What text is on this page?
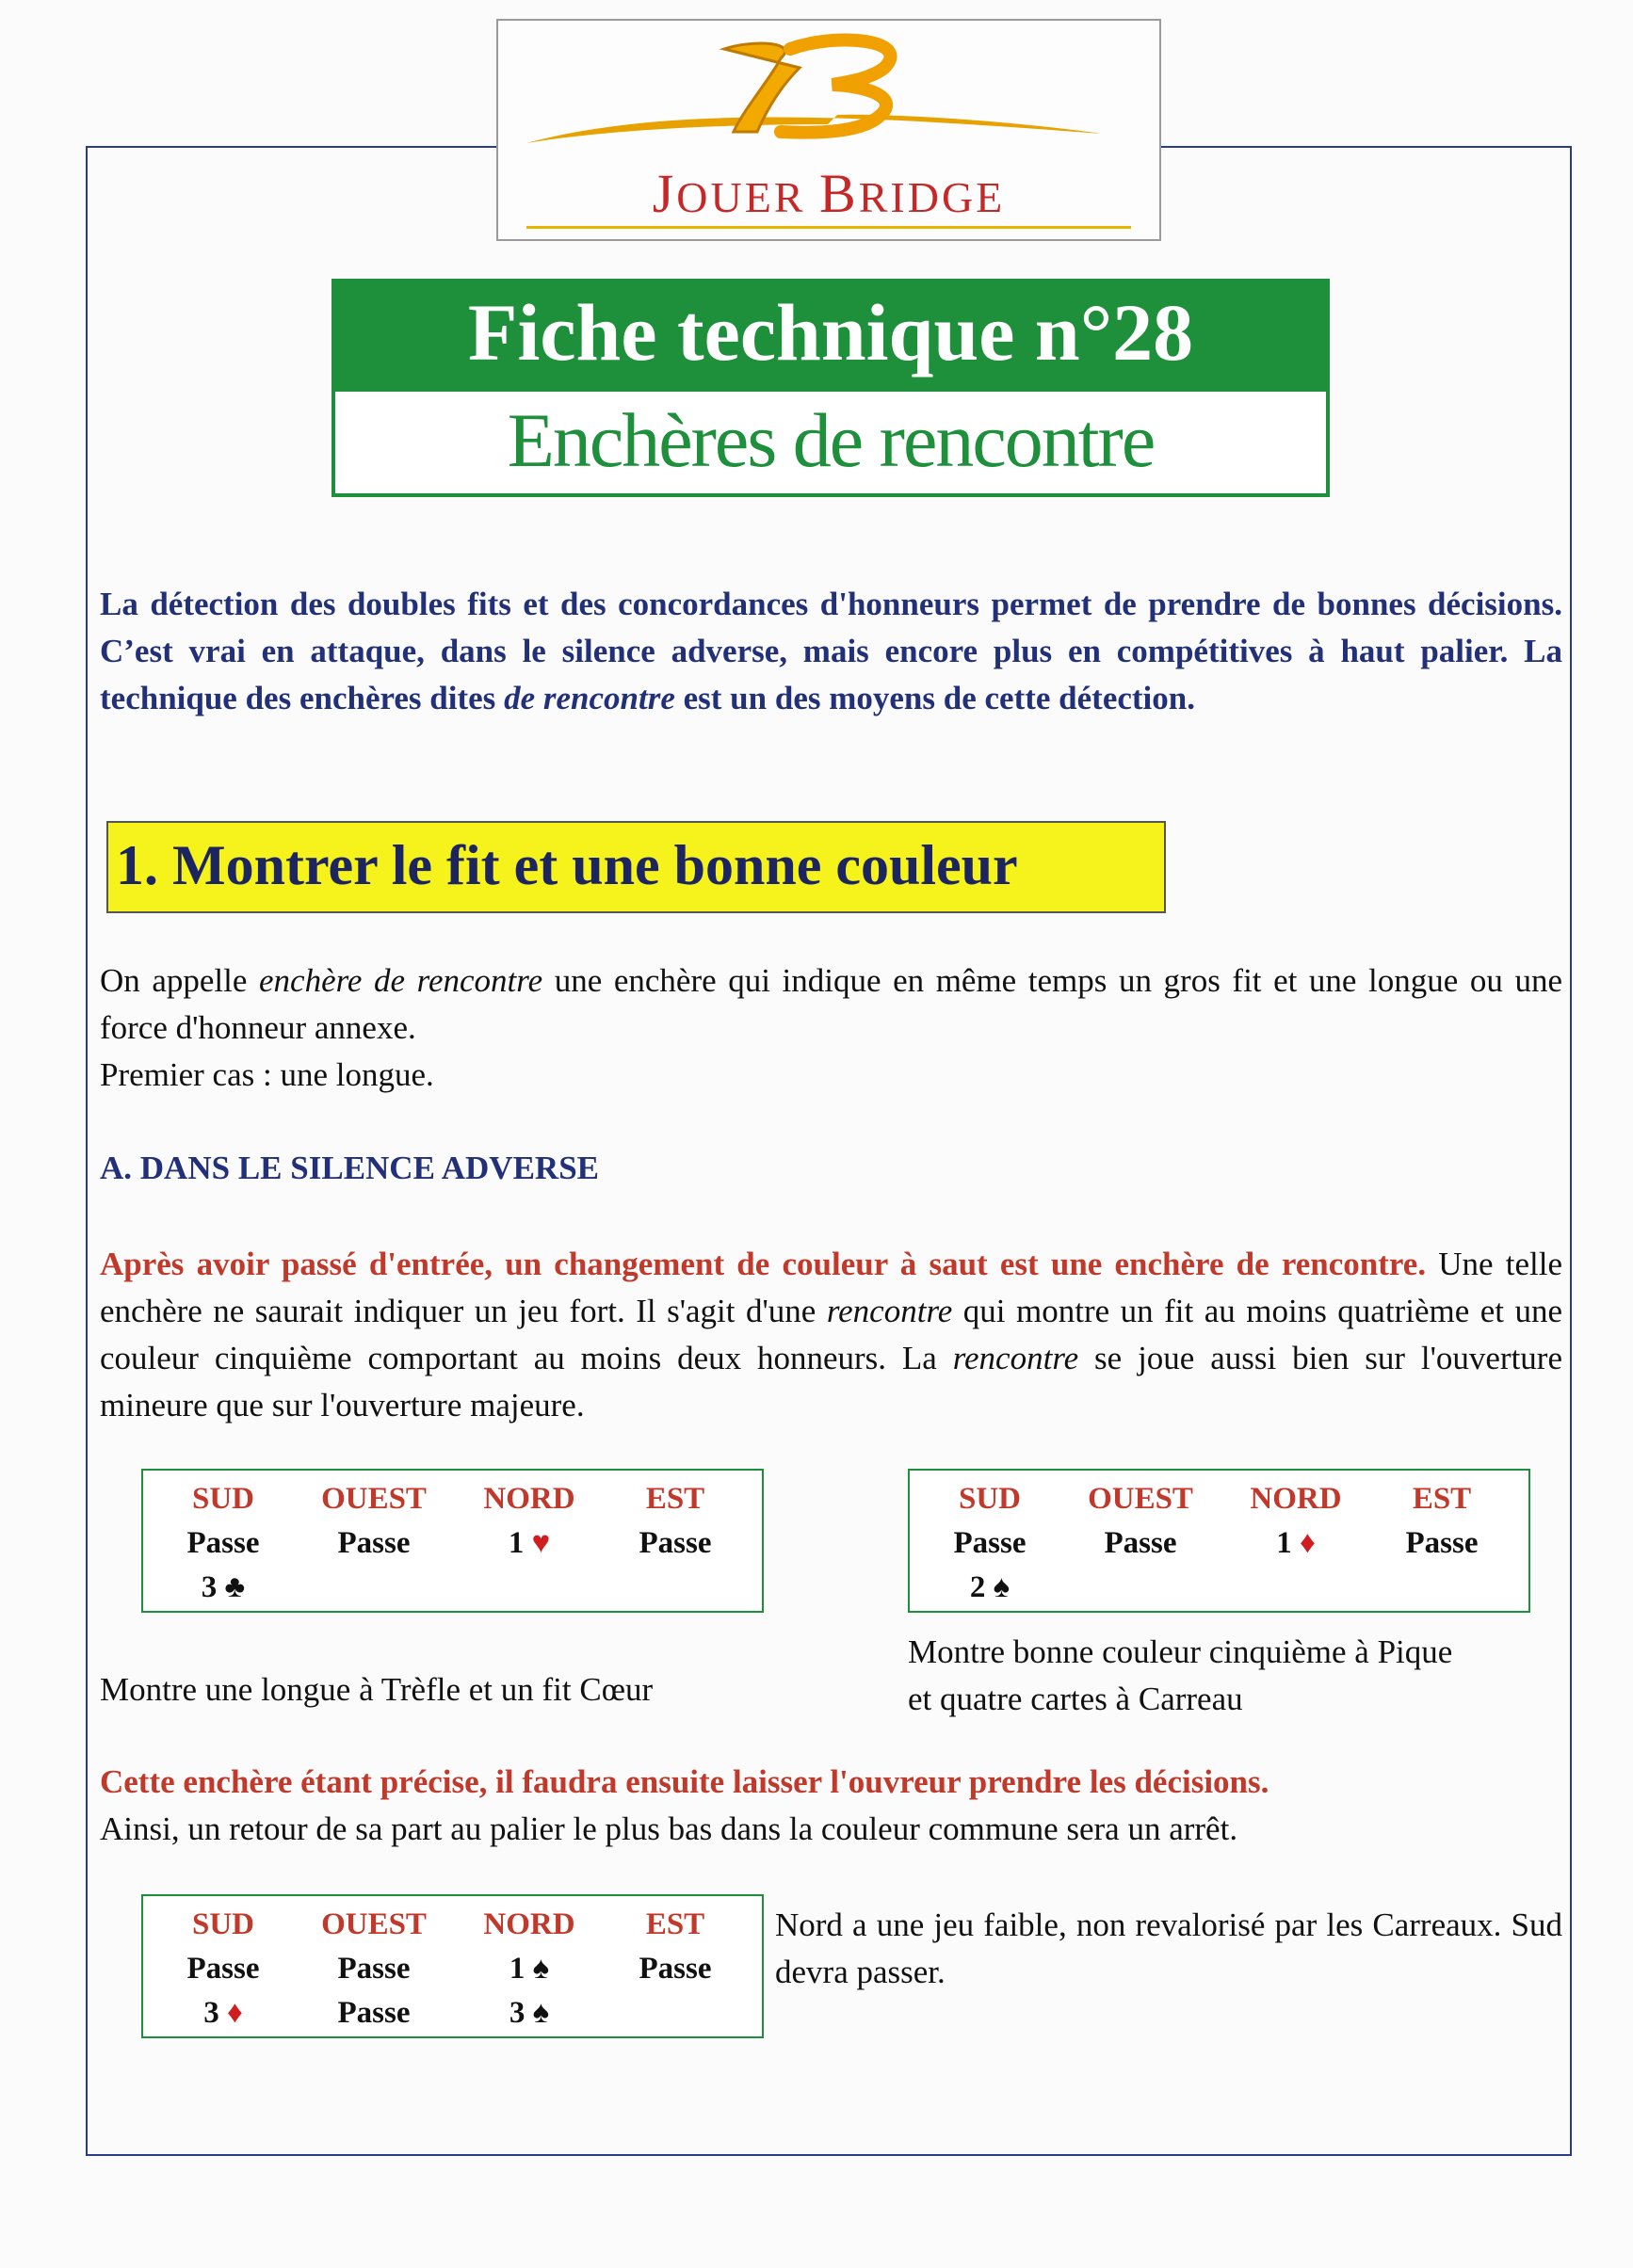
JOUER BRIDGE
Fiche technique n°28
Enchères de rencontre
La détection des doubles fits et des concordances d'honneurs permet de prendre de bonnes décisions. C’est vrai en attaque, dans le silence adverse, mais encore plus en compétitives à haut palier. La technique des enchères dites de rencontre est un des moyens de cette détection.
1. Montrer le fit et une bonne couleur
On appelle enchère de rencontre une enchère qui indique en même temps un gros fit et une longue ou une force d'honneur annexe.
Premier cas : une longue.
A. DANS LE SILENCE ADVERSE
Après avoir passé d'entrée, un changement de couleur à saut est une enchère de rencontre. Une telle enchère ne saurait indiquer un jeu fort. Il s'agit d'une rencontre qui montre un fit au moins quatrième et une couleur cinquième comportant au moins deux honneurs. La rencontre se joue aussi bien sur l'ouverture mineure que sur l'ouverture majeure.
SUD	OUEST	NORD	EST
Passe	Passe	1 ♥	Passe
3 ♣
SUD	OUEST	NORD	EST
Passe	Passe	1 ♦	Passe
2 ♠
Montre une longue à Trèfle et un fit Cœur
Montre bonne couleur cinquième à Pique
et quatre cartes à Carreau
Cette enchère étant précise, il faudra ensuite laisser l'ouvreur prendre les décisions.
Ainsi, un retour de sa part au palier le plus bas dans la couleur commune sera un arrêt.
SUD	OUEST	NORD	EST
Passe	Passe	1 ♠	Passe
3 ♦	Passe	3 ♠
Nord a une jeu faible, non revalorisé par les Carreaux. Sud devra passer.
